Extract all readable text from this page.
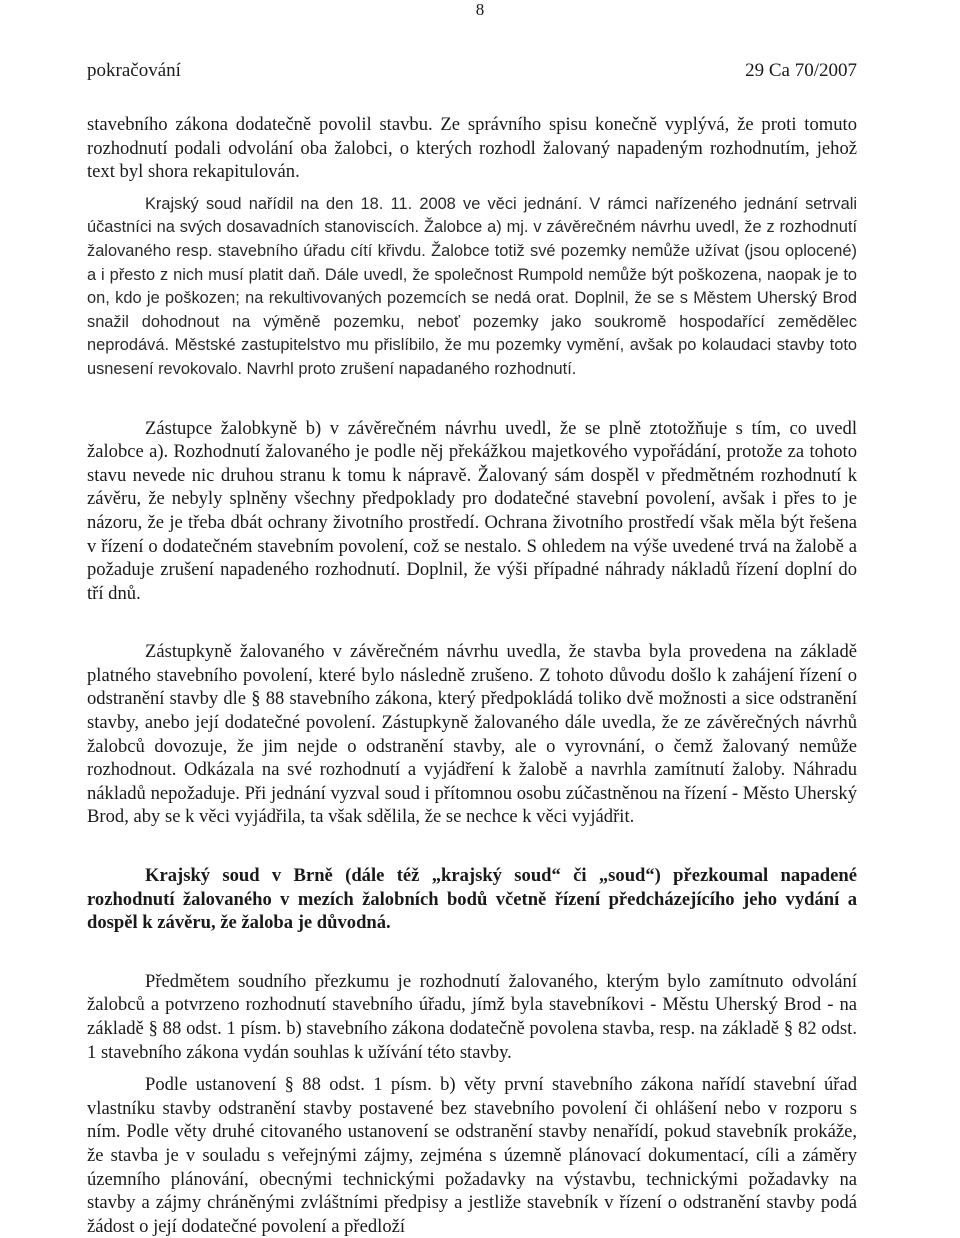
8
pokračování	29 Ca 70/2007

stavebního zákona dodatečně povolil stavbu. Ze správního spisu konečně vyplývá, že proti tomuto rozhodnutí podali odvolání oba žalobci, o kterých rozhodl žalovaný napadeným rozhodnutím, jehož text byl shora rekapitulován.

Krajský soud nařídil na den 18. 11. 2008 ve věci jednání. V rámci nařízeného jednání setrvali účastníci na svých dosavadních stanoviscích. Žalobce a) mj. v závěrečném návrhu uvedl, že z rozhodnutí žalovaného resp. stavebního úřadu cítí křivdu. Žalobce totiž své pozemky nemůže užívat (jsou oplocené) a i přesto z nich musí platit daň. Dále uvedl, že společnost Rumpold nemůže být poškozena, naopak je to on, kdo je poškozen; na rekultivovaných pozemcích se nedá orat. Doplnil, že se s Městem Uherský Brod snažil dohodnout na výměně pozemku, neboť pozemky jako soukromě hospodařící zemědělec neprodává. Městské zastupitelstvo mu přislíbilo, že mu pozemky vymění, avšak po kolaudaci stavby toto usnesení revokovalo. Navrhl proto zrušení napadaného rozhodnutí.

Zástupce žalobkyně b) v závěrečném návrhu uvedl, že se plně ztotožňuje s tím, co uvedl žalobce a). Rozhodnutí žalovaného je podle něj překážkou majetkového vypořádání, protože za tohoto stavu nevede nic druhou stranu k tomu k nápravě. Žalovaný sám dospěl v předmětném rozhodnutí k závěru, že nebyly splněny všechny předpoklady pro dodatečné stavební povolení, avšak i přes to je názoru, že je třeba dbát ochrany životního prostředí. Ochrana životního prostředí však měla být řešena v řízení o dodatečném stavebním povolení, což se nestalo. S ohledem na výše uvedené trvá na žalobě a požaduje zrušení napadeného rozhodnutí. Doplnil, že výši případné náhrady nákladů řízení doplní do tří dnů.

Zástupkyně žalovaného v závěrečném návrhu uvedla, že stavba byla provedena na základě platného stavebního povolení, které bylo následně zrušeno. Z tohoto důvodu došlo k zahájení řízení o odstranění stavby dle § 88 stavebního zákona, který předpokládá toliko dvě možnosti a sice odstranění stavby, anebo její dodatečné povolení. Zástupkyně žalovaného dále uvedla, že ze závěrečných návrhů žalobců dovozuje, že jim nejde o odstranění stavby, ale o vyrovnání, o čemž žalovaný nemůže rozhodnout. Odkázala na své rozhodnutí a vyjádření k žalobě a navrhla zamítnutí žaloby. Náhradu nákladů nepožaduje. Při jednání vyzval soud i přítomnou osobu zúčastněnou na řízení - Město Uherský Brod, aby se k věci vyjádřila, ta však sdělila, že se nechce k věci vyjádřit.

Krajský soud v Brně (dále též „krajský soud“ či „soud“) přezkoumal napadené rozhodnutí žalovaného v mezích žalobních bodů včetně řízení předcházejícího jeho vydání a dospěl k závěru, že žaloba je důvodná.

Předmětem soudního přezkumu je rozhodnutí žalovaného, kterým bylo zamítnuto odvolání žalobců a potvrzeno rozhodnutí stavebního úřadu, jímž byla stavebníkovi - Městu Uherský Brod - na základě § 88 odst. 1 písm. b) stavebního zákona dodatečně povolena stavba, resp. na základě § 82 odst. 1 stavebního zákona vydán souhlas k užívání této stavby.

Podle ustanovení § 88 odst. 1 písm. b) věty první stavebního zákona nařídí stavební úřad vlastníku stavby odstranění stavby postavené bez stavebního povolení či ohlášení nebo v rozporu s ním. Podle věty druhé citovaného ustanovení se odstranění stavby nenařídí, pokud stavebník prokáže, že stavba je v souladu s veřejnými zájmy, zejména s územně plánovací dokumentací, cíli a záměry územního plánování, obecnými technickými požadavky na výstavbu, technickými požadavky na stavby a zájmy chráněnými zvláštními předpisy a jestliže stavebník v řízení o odstranění stavby podá žádost o její dodatečné povolení a předloží
